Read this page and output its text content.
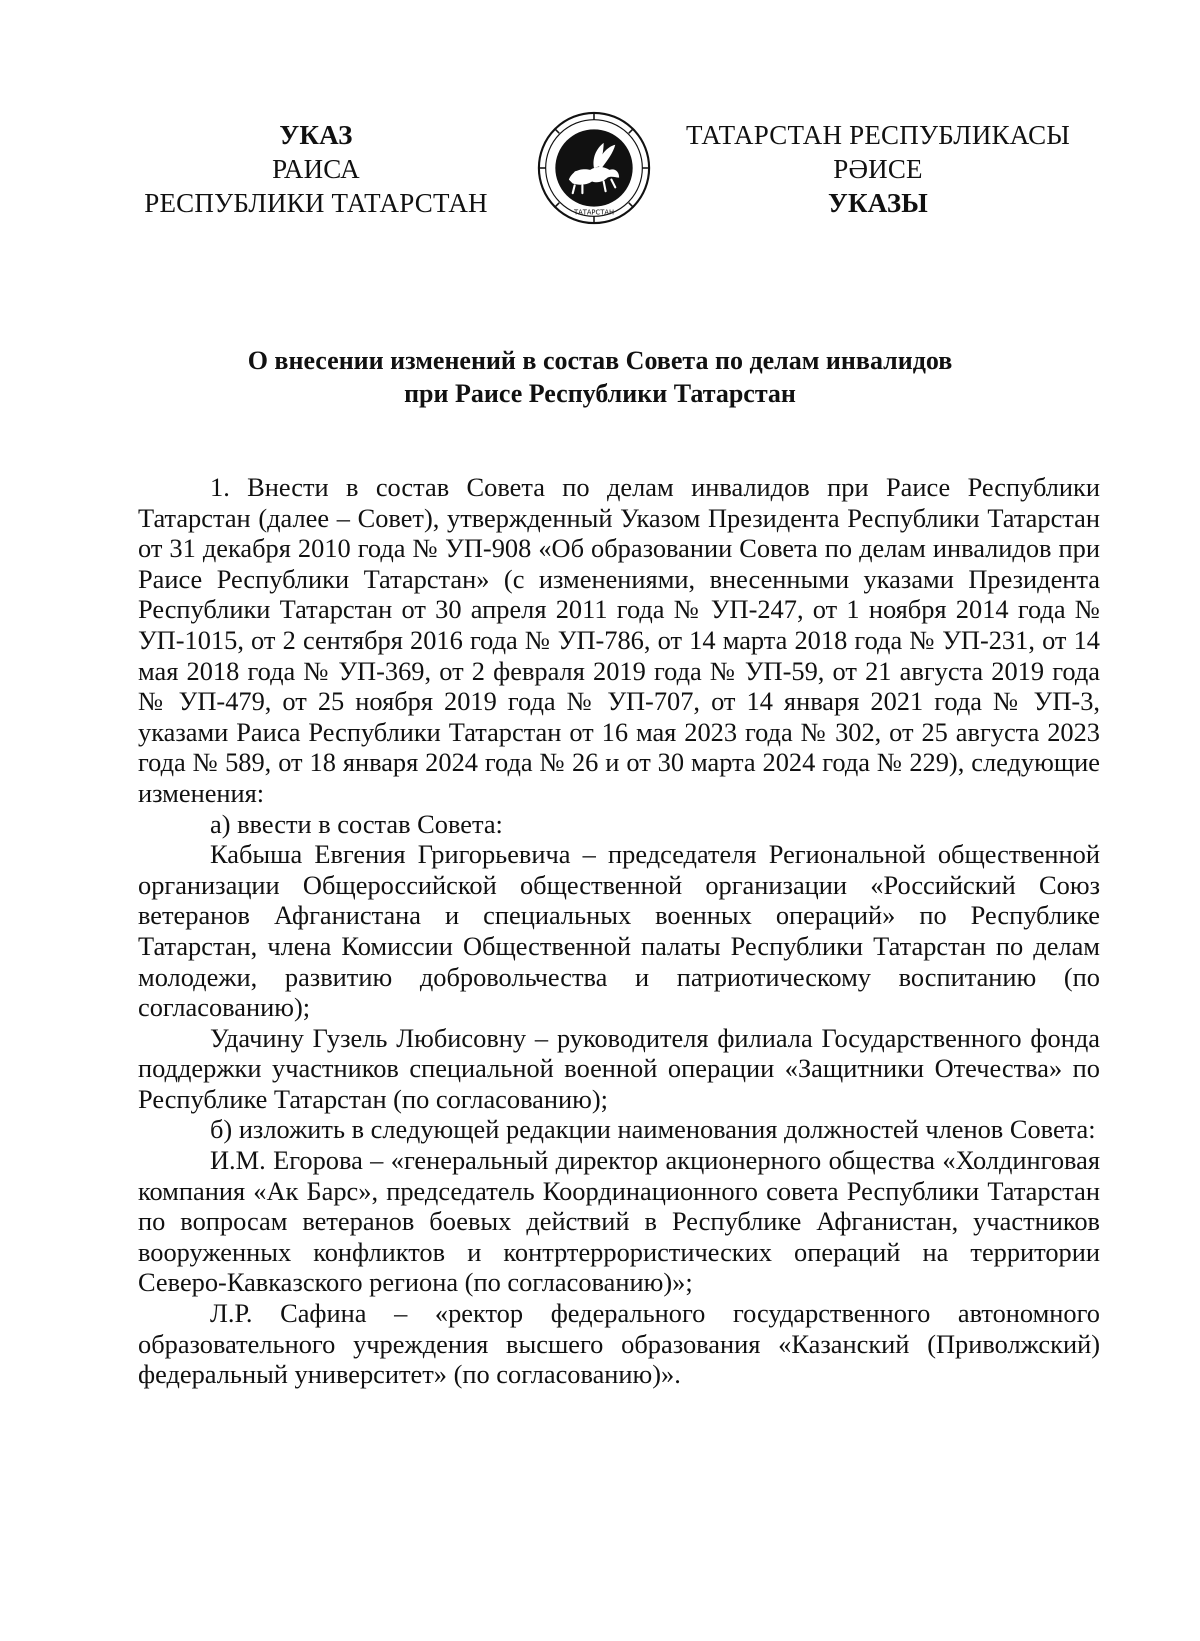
УКАЗ
РАИСА
РЕСПУБЛИКИ ТАТАРСТАН	ТАТАРСТАН
ТАТАРСТАН РЕСПУБЛИКАСЫ
РӘИСЕ
УКАЗЫ
О внесении изменений в состав Совета по делам инвалидов
при Раисе Республики Татарстан

1. Внести в состав Совета по делам инвалидов при Раисе Республики Татарстан (далее – Совет), утвержденный Указом Президента Республики Татарстан от 31 декабря 2010 года № УП-908 «Об образовании Совета по делам инвалидов при Раисе Республики Татарстан» (с изменениями, внесенными указами Президента Республики Татарстан от 30 апреля 2011 года № УП-247, от 1 ноября 2014 года № УП-1015, от 2 сентября 2016 года № УП-786, от 14 марта 2018 года № УП-231, от 14 мая 2018 года № УП-369, от 2 февраля 2019 года № УП-59, от 21 августа 2019 года № УП-479, от 25 ноября 2019 года № УП-707, от 14 января 2021 года № УП-3, указами Раиса Республики Татарстан от 16 мая 2023 года № 302, от 25 августа 2023 года № 589, от 18 января 2024 года № 26 и от 30 марта 2024 года № 229), следующие изменения:

а) ввести в состав Совета:

Кабыша Евгения Григорьевича – председателя Региональной общественной организации Общероссийской общественной организации «Российский Союз ветеранов Афганистана и специальных военных операций» по Республике Татарстан, члена Комиссии Общественной палаты Республики Татарстан по делам молодежи, развитию добровольчества и патриотическому воспитанию (по согласованию);

Удачину Гузель Любисовну – руководителя филиала Государственного фонда поддержки участников специальной военной операции «Защитники Отечества» по Республике Татарстан (по согласованию);

б) изложить в следующей редакции наименования должностей членов Совета:

И.М. Егорова – «генеральный директор акционерного общества «Холдинговая компания «Ак Барс», председатель Координационного совета Республики Татарстан по вопросам ветеранов боевых действий в Республике Афганистан, участников вооруженных конфликтов и контртеррористических операций на территории Северо-Кавказского региона (по согласованию)»;

Л.Р. Сафина – «ректор федерального государственного автономного образовательного учреждения высшего образования «Казанский (Приволжский) федеральный университет» (по согласованию)».
